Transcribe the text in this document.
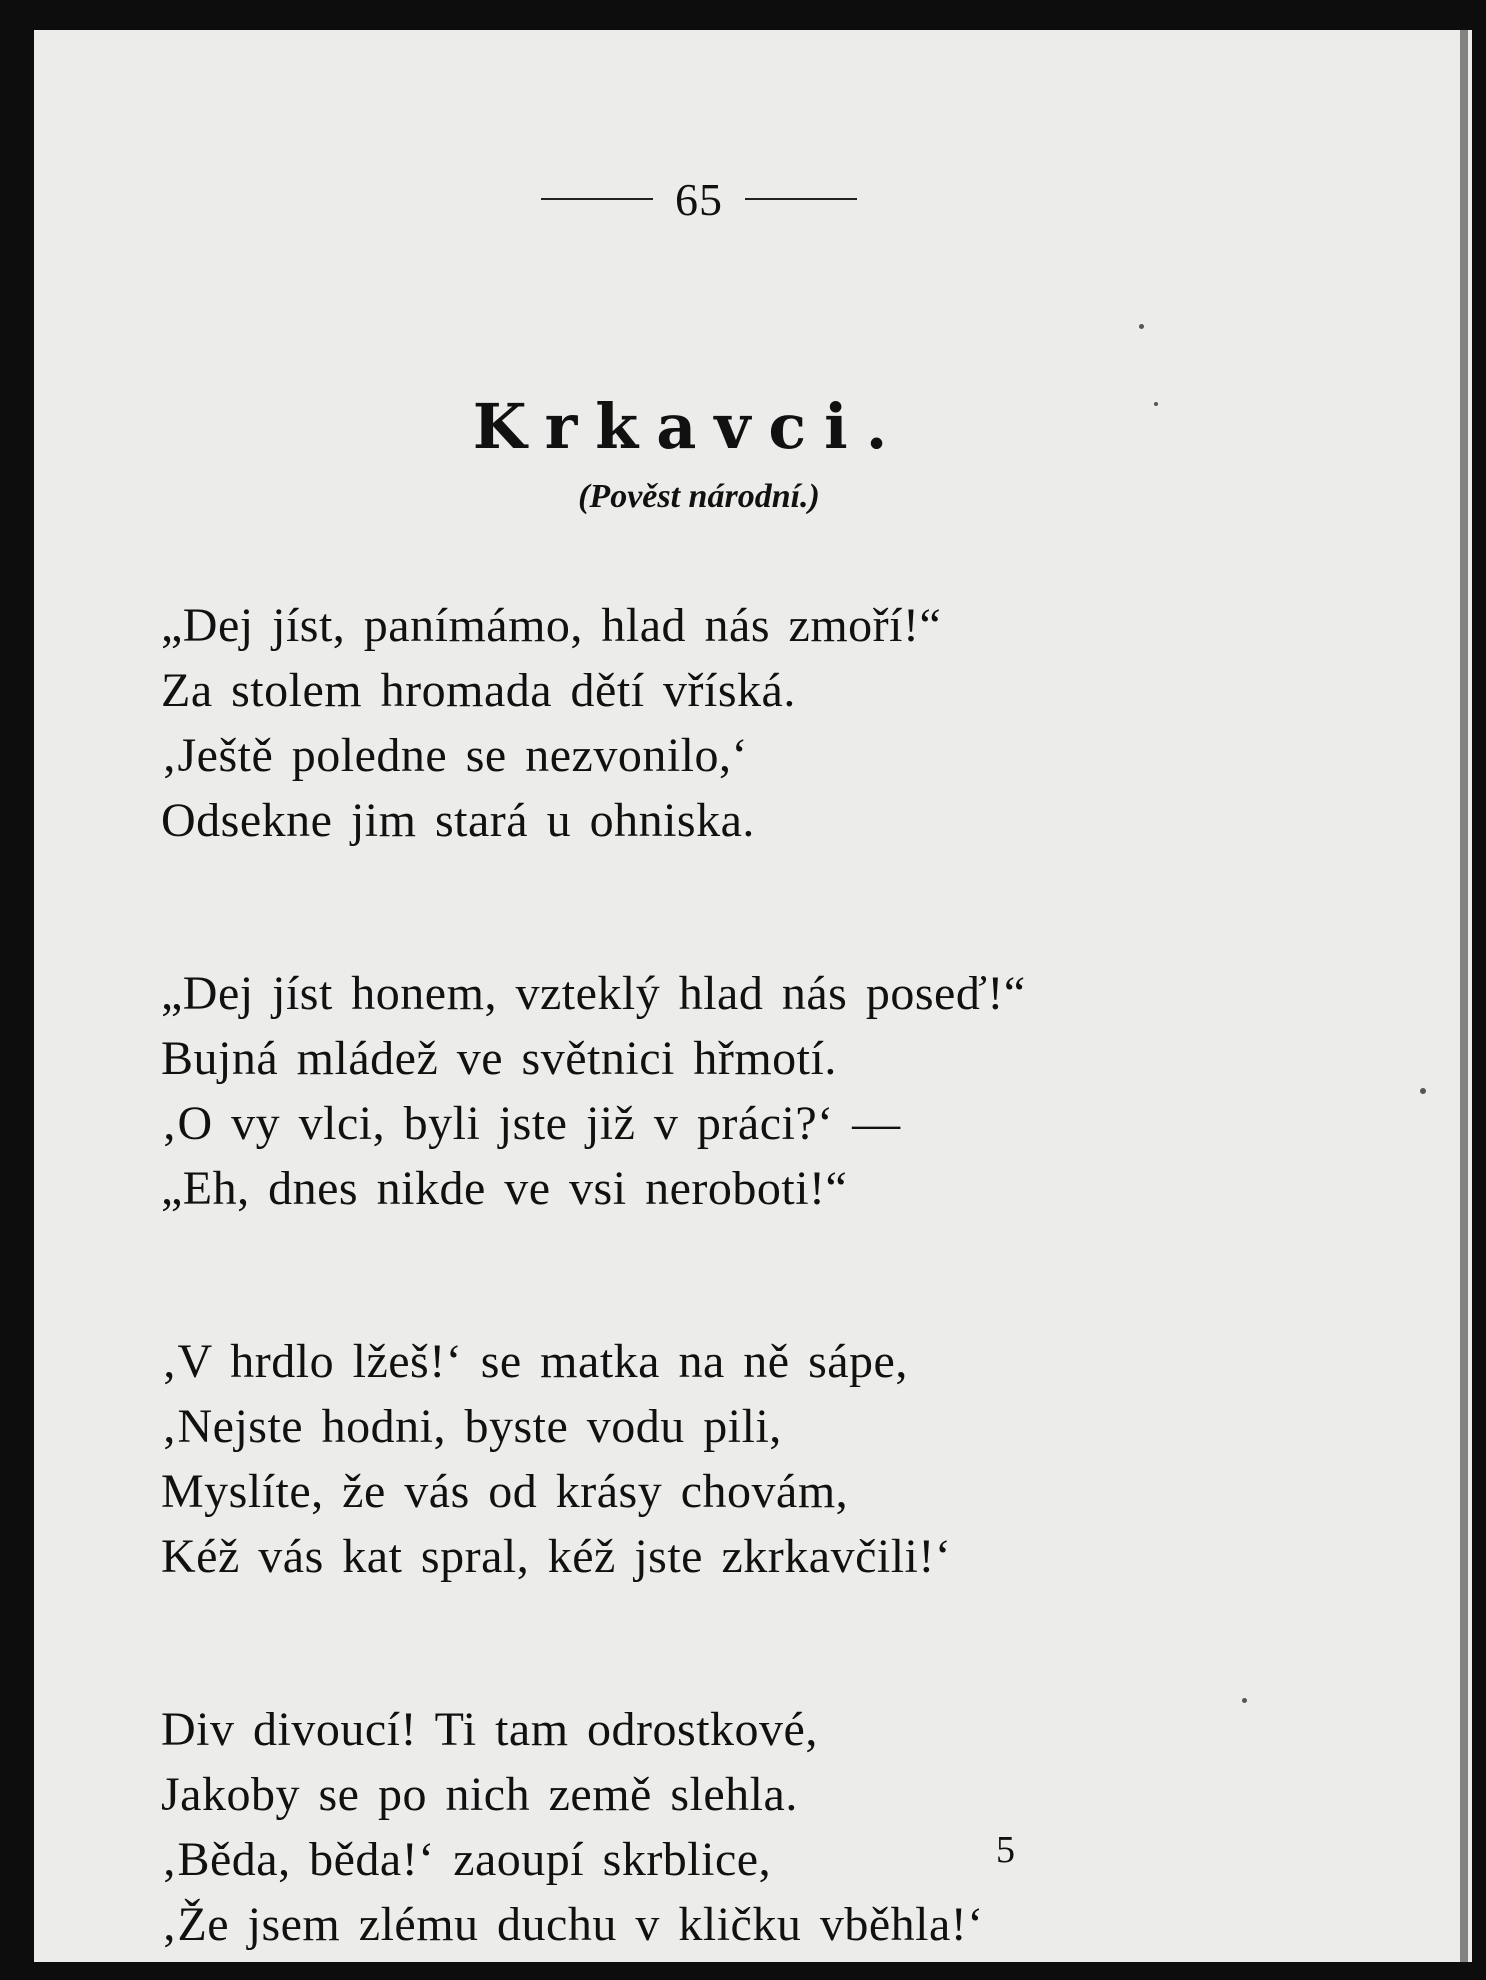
65
Krkavci.
(Pověst národní.)
„Dej jíst, panímámo, hlad nás zmoří!“
Za stolem hromada dětí vříská.
‚Ještě poledne se nezvonilo,‘
Odsekne jim stará u ohniska.
„Dej jíst honem, vzteklý hlad nás poseď!“
Bujná mládež ve světnici hřmotí.
‚O vy vlci, byli jste již v práci?‘ —
„Eh, dnes nikde ve vsi neroboti!“
‚V hrdlo lžeš!‘ se matka na ně sápe,
‚Nejste hodni, byste vodu pili,
Myslíte, že vás od krásy chovám,
Kéž vás kat spral, kéž jste zkrkavčili!‘
Div divoucí! Ti tam odrostkové,
Jakoby se po nich země slehla.
‚Běda, běda!‘ zaoupí skrblice,
‚Že jsem zlému duchu v kličku vběhla!‘
5
